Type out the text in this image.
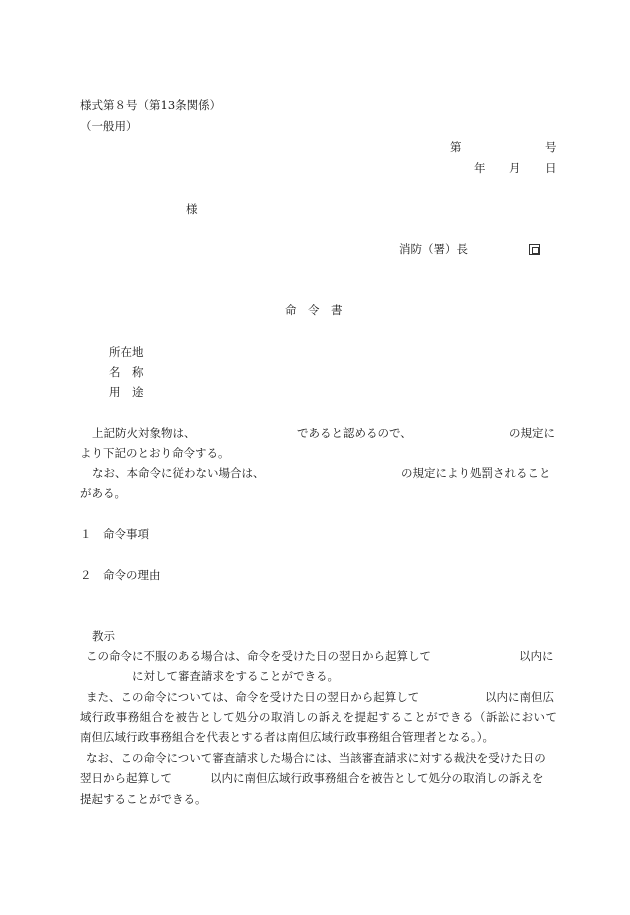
様式第８号（第13条関係）
（一般用）
第	号
年 月 日
様
消防（署）長
命　令　書
所在地
名　称
用　途
上記防火対象物は、	であると認めるので、	の規定に
より下記のとおり命令する。
なお、本命令に従わない場合は、	の規定により処罰されること
がある。
１　命令事項
２　命令の理由
教示
この命令に不服のある場合は、命令を受けた日の翌日から起算して	以内に
に対して審査請求をすることができる。
また、この命令については、命令を受けた日の翌日から起算して	以内に南但広
域行政事務組合を被告として処分の取消しの訴えを提起することができる（訴訟において
南但広域行政事務組合を代表とする者は南但広域行政事務組合管理者となる。）。
なお、この命令について審査請求した場合には、当該審査請求に対する裁決を受けた日の
翌日から起算して	以内に南但広域行政事務組合を被告として処分の取消しの訴えを
提起することができる。
